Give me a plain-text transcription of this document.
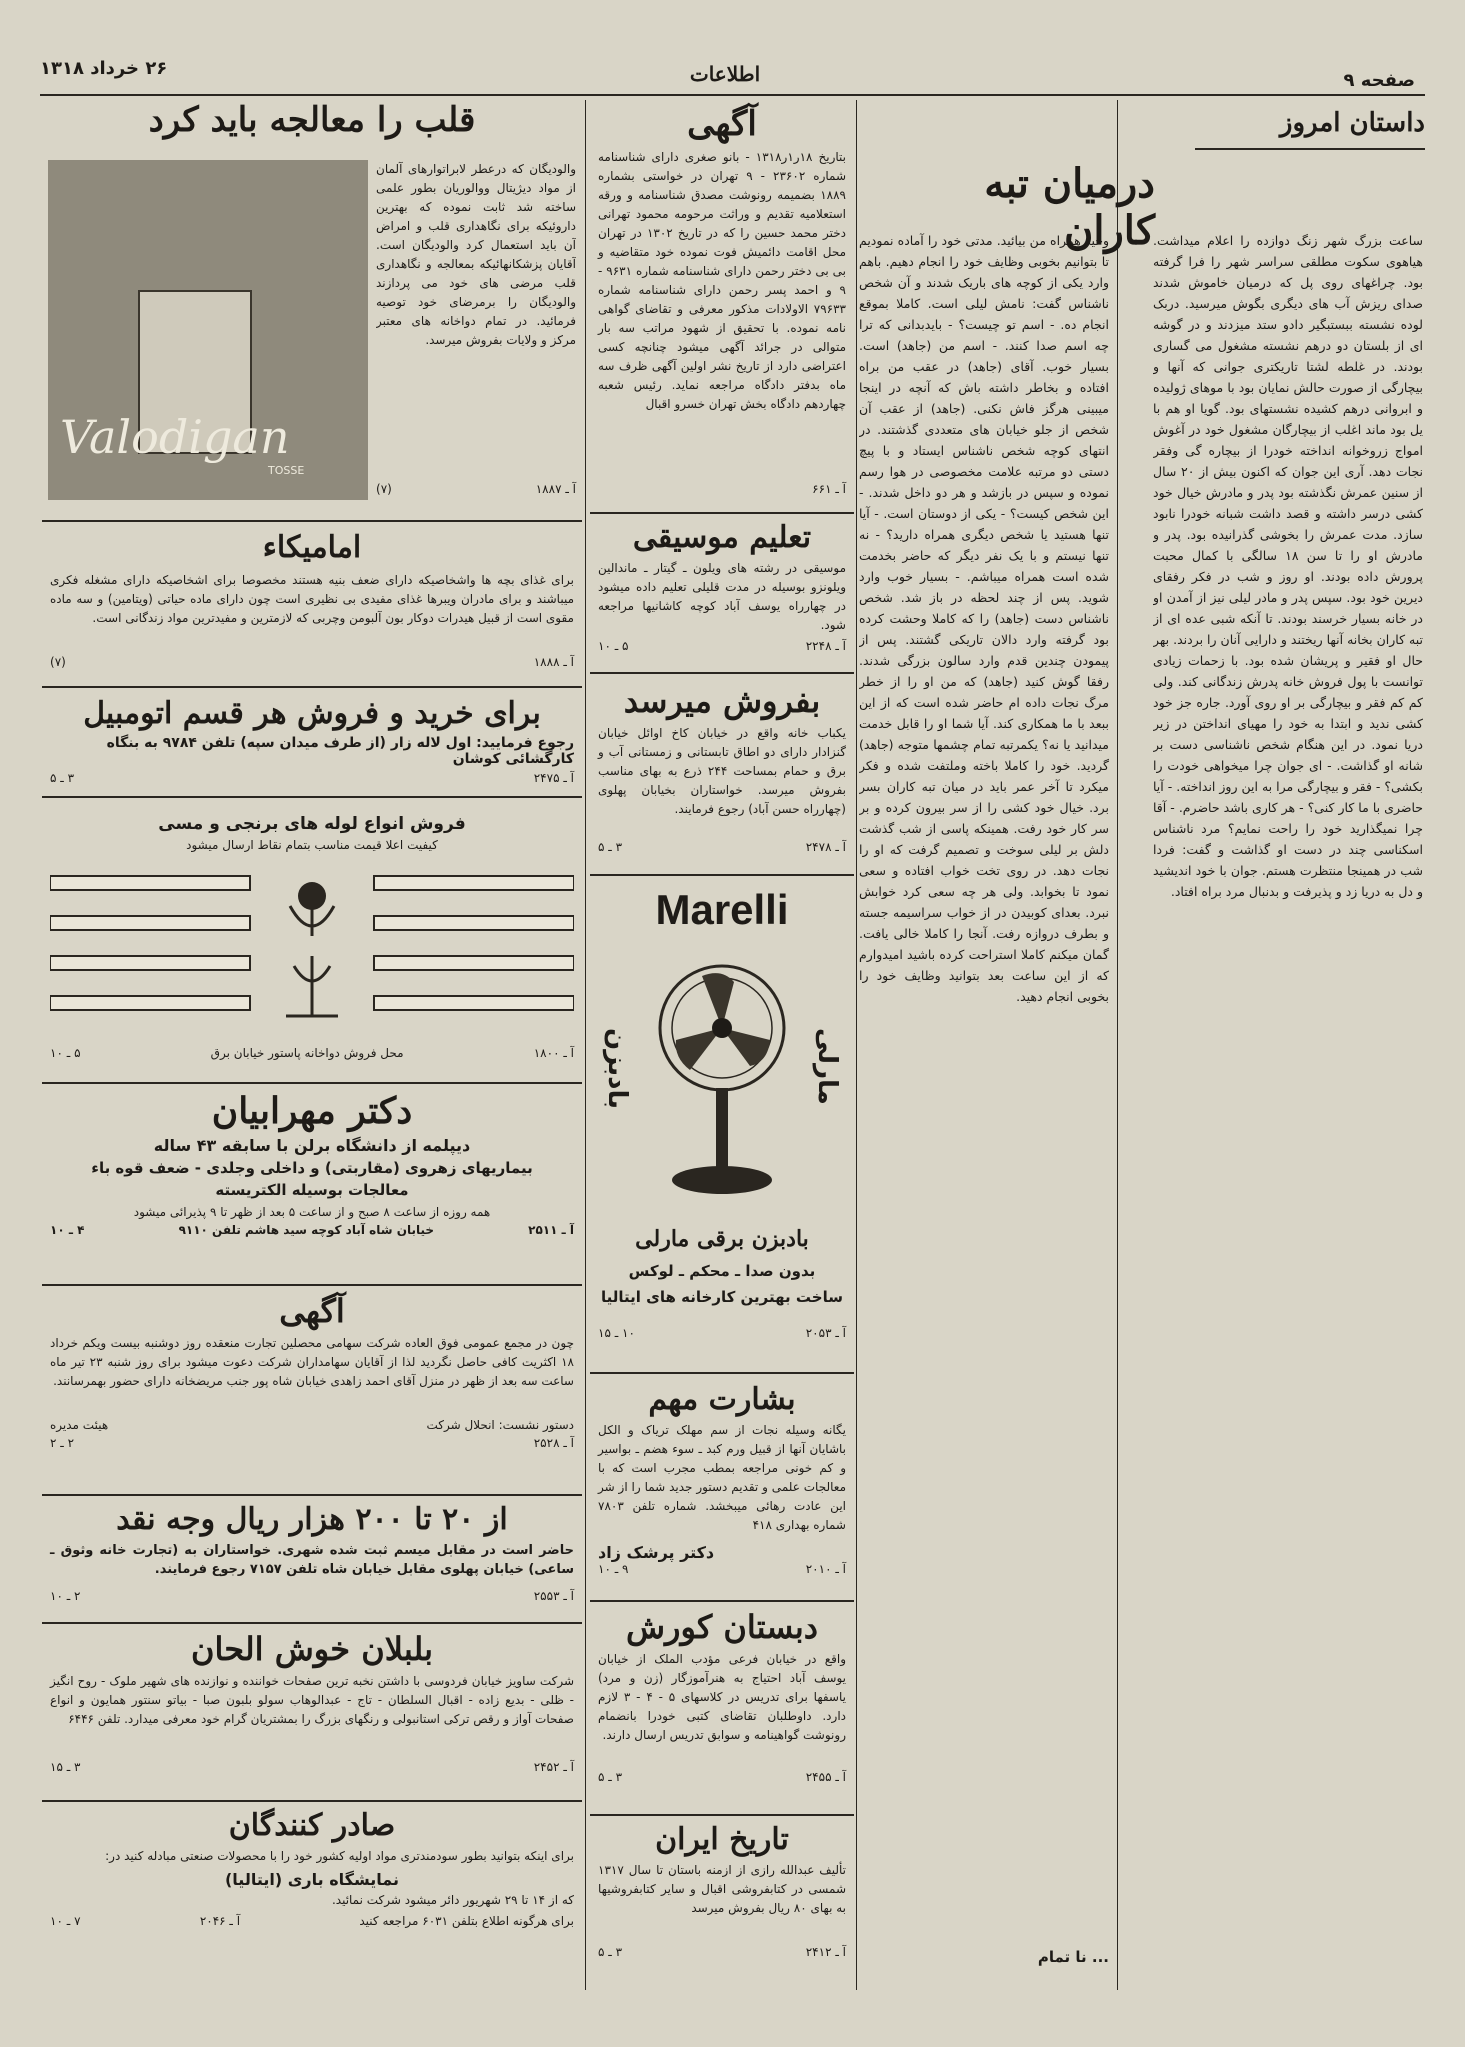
صفحه ۹
اطلاعات
۲۶ خرداد ۱۳۱۸
داستان امروز
درمیان تبه کاران
ساعت بزرگ شهر زنگ دوازده را اعلام میداشت. هیاهوی سکوت مطلقی سراسر شهر را فرا گرفته بود. چراغهای روی پل که درمیان خاموش شدند صدای ریزش آب های دیگری بگوش میرسید. دربک لوده نشسته ببستبگیر دادو ستد میزدند و در گوشه ای از بلستان دو درهم نشسته مشغول می گساری بودند. در غلطه لشتا تاریکتری جوانی که آنها و بیچارگی از صورت حالش نمایان بود با موهای ژولیده و ابروانی درهم کشیده نشستهای بود. گویا او هم با یل بود ماند اغلب از بیچارگان مشغول خود در آغوش امواج زروخوانه انداخته خودرا از بیچاره گی وفقر نجات دهد. آری این جوان که اکنون بیش از ۲۰ سال از سنین عمرش نگذشته بود پدر و مادرش خیال خود کشی درسر داشته و قصد داشت شبانه خودرا نابود سازد. مدت عمرش را بخوشی گذرانیده بود. پدر و مادرش او را تا سن ۱۸ سالگی با کمال محبت پرورش داده بودند. او روز و شب در فکر رفقای دیرین خود بود. سپس پدر و مادر لیلی نیز از آمدن او در خانه بسیار خرسند بودند. تا آنکه شبی عده ای از تبه کاران بخانه آنها ریختند و دارایی آنان را بردند. بهر حال او فقیر و پریشان شده بود. با زحمات زیادی توانست با پول فروش خانه پدرش زندگانی کند. ولی کم کم فقر و بیچارگی بر او روی آورد. جاره جز خود کشی ندید و ابتدا به خود را مهیای انداختن در زیر دریا نمود. در این هنگام شخص ناشناسی دست بر شانه او گذاشت. - ای جوان چرا میخواهی خودت را بکشی؟ - فقر و بیچارگی مرا به این روز انداخته. - آیا حاضری با ما کار کنی؟ - هر کاری باشد حاضرم. - آقا چرا نمیگذارید خود را راحت نمایم؟ مرد ناشناس اسکناسی چند در دست او گذاشت و گفت: فردا شب در همینجا منتظرت هستم. جوان با خود اندیشید و دل به دریا زد و پذیرفت و بدنبال مرد براه افتاد.
وحید همراه من بیائید. مدتی خود را آماده نمودیم تا بتوانیم بخوبی وظایف خود را انجام دهیم. باهم وارد یکی از کوچه های باریک شدند و آن شخص ناشناس گفت: نامش لیلی است. کاملا بموقع انجام ده. - اسم تو چیست؟ - بایدبدانی که ترا چه اسم صدا کنند. - اسم من (جاهد) است. بسیار خوب. آقای (جاهد) در عقب من براه افتاده و بخاطر داشته باش که آنچه در اینجا میبینی هرگز فاش نکنی. (جاهد) از عقب آن شخص از جلو خیابان های متعددی گذشتند. در انتهای کوچه شخص ناشناس ایستاد و با پیچ دستی دو مرتبه علامت مخصوصی در هوا رسم نموده و سپس در بازشد و هر دو داخل شدند. - این شخص کیست؟ - یکی از دوستان است. - آیا تنها هستید یا شخص دیگری همراه دارید؟ - نه تنها نیستم و با یک نفر دیگر که حاضر بخدمت شده است همراه میباشم. - بسیار خوب وارد شوید. پس از چند لحظه در باز شد. شخص ناشناس دست (جاهد) را که کاملا وحشت کرده بود گرفته وارد دالان تاریکی گشتند. پس از پیمودن چندین قدم وارد سالون بزرگی شدند. رفقا گوش کنید (جاهد) که من او را از خطر مرگ نجات داده ام حاضر شده است که از این ببعد با ما همکاری کند. آیا شما او را قابل خدمت میدانید یا نه؟ یکمرتبه تمام چشمها متوجه (جاهد) گردید. خود را کاملا باخته وملتفت شده و فکر میکرد تا آخر عمر باید در میان تبه کاران بسر برد. خیال خود کشی را از سر بیرون کرده و بر سر کار خود رفت. همینکه پاسی از شب گذشت دلش بر لیلی سوخت و تصمیم گرفت که او را نجات دهد. در روی تخت خواب افتاده و سعی نمود تا بخوابد. ولی هر چه سعی کرد خوابش نبرد. بعدای کوبیدن در از خواب سراسیمه جسته و بطرف دروازه رفت. آنجا را کاملا خالی یافت. گمان میکنم کاملا استراحت کرده باشید امیدوارم که از این ساعت بعد بتوانید وظایف خود را بخوبی انجام دهید.
... نا تمام
آگهی
بتاریخ ۱۸ر۱ر۱۳۱۸ - بانو صغری دارای شناسنامه شماره ۲۳۶۰۲ - ۹ تهران در خواستی بشماره ۱۸۸۹ بضمیمه رونوشت مصدق شناسنامه و ورقه استعلامیه تقدیم و وراثت مرحومه محمود تهرانی دختر محمد حسین را که در تاریخ ۱۳۰۲ در تهران محل اقامت دائمیش فوت نموده خود متقاضیه و بی بی دختر رحمن دارای شناسنامه شماره ۹۶۳۱ - ۹ و احمد پسر رحمن دارای شناسنامه شماره ۷۹۶۳۳ الاولادات مذکور معرفی و تقاضای گواهی نامه نموده. با تحقیق از شهود مراتب سه بار متوالی در جرائد آگهی میشود چنانچه کسی اعتراضی دارد از تاریخ نشر اولین آگهی ظرف سه ماه بدفتر دادگاه مراجعه نماید. رئیس شعبه چهاردهم دادگاه بخش تهران خسرو اقبال
آ ـ ۶۶۱
تعلیم موسیقی
موسیقی در رشته های ویلون ـ گیتار ـ ماندالین ویلونزو بوسیله در مدت قلیلی تعلیم داده میشود در چهارراه یوسف آباد کوچه کاشانیها مراجعه شود.
آ ـ ۲۲۴۸
۵ ـ ۱۰
بفروش میرسد
یکباب خانه واقع در خیابان کاخ اوائل خیابان گنزادار دارای دو اطاق تابستانی و زمستانی آب و برق و حمام بمساحت ۲۴۴ ذرع به بهای مناسب بفروش میرسد. خواستاران بخیابان پهلوی (چهارراه حسن آباد) رجوع فرمایند.
آ ـ ۲۴۷۸
۳ ـ ۵
Marelli
مارلی
بادبزن
بادبزن برقی مارلی
بدون صدا ـ محکم ـ لوکس
ساخت بهترین کارخانه های ایتالیا
آ ـ ۲۰۵۳
۱۰ ـ ۱۵
بشارت مهم
یگانه وسیله نجات از سم مهلک تریاک و الکل باشایان آنها از قبیل ورم کبد ـ سوء هضم ـ بواسیر و کم خونی مراجعه بمطب مجرب است که با معالجات علمی و تقدیم دستور جدید شما را از شر این عادت رهائی میبخشد. شماره تلفن ۷۸۰۳ شماره بهداری ۴۱۸
دکتر پرشک زاد
آ ـ ۲۰۱۰
۹ ـ ۱۰
دبستان کورش
واقع در خیابان فرعی مؤدب الملک از خیابان یوسف آباد احتیاج به هنرآموزگار (زن و مرد) یاسفها برای تدریس در کلاسهای ۵ - ۴ - ۳ لازم دارد. داوطلبان تقاضای کتبی خودرا بانضمام رونوشت گواهینامه و سوابق تدریس ارسال دارند.
آ ـ ۲۴۵۵
۳ ـ ۵
تاریخ ایران
تألیف عبدالله رازی از ازمنه باستان تا سال ۱۳۱۷ شمسی در کتابفروشی اقبال و سایر کتابفروشیها به بهای ۸۰ ریال بفروش میرسد
آ ـ ۲۴۱۲
۳ ـ ۵
قلب را معالجه باید کرد
Valodigan
TOSSE
والودیگان که درعطر لابراتوارهای آلمان از مواد دیژیتال ووالوریان بطور علمی ساخته شد ثابت نموده که بهترین داروئیکه برای نگاهداری قلب و امراض آن باید استعمال کرد والودیگان است. آقایان پزشکانهائیکه بمعالجه و نگاهداری قلب مرضی های خود می پردازند والودیگان را برمرضای خود توصیه فرمائید. در تمام دواخانه های معتبر مرکز و ولایات بفروش میرسد.
آ ـ ۱۸۸۷
(۷)
امامیکاء
برای غذای بچه ها واشخاصیکه دارای ضعف بنیه هستند مخصوصا برای اشخاصیکه دارای مشغله فکری میباشند و برای مادران ویبرها غذای مفیدی بی نظیری است چون دارای ماده حیاتی (ویتامین) و سه ماده مقوی است از قبیل هیدرات دوکار بون آلبومن وچربی که لازمترین و مفیدترین مواد زندگانی است.
آ ـ ۱۸۸۸
(۷)
برای خرید و فروش هر قسم اتومبیل
رجوع فرمایید: اول لاله زار (از طرف میدان سپه) تلفن ۹۷۸۴ به بنگاه کارگشائی کوشان
آ ـ ۲۴۷۵
۳ ـ ۵
فروش انواع لوله های برنجی و مسی
کیفیت اعلا قیمت مناسب بتمام نقاط ارسال میشود
آ ـ ۱۸۰۰
محل فروش دواخانه پاستور خیابان برق
۵ ـ ۱۰
دکتر مهرابیان
دیپلمه از دانشگاه برلن با سابقه ۴۳ ساله
بیماریهای زهروی (مقاربتی) و داخلی وجلدی - ضعف قوه باء
معالجات بوسیله الکتریسته
همه روزه از ساعت ۸ صبح و از ساعت ۵ بعد از ظهر تا ۹ پذیرائی میشود
آ ـ ۲۵۱۱
خیابان شاه آباد کوچه سید هاشم تلفن ۹۱۱۰
۴ ـ ۱۰
آگهی
چون در مجمع عمومی فوق العاده شرکت سهامی محصلین تجارت منعقده روز دوشنبه بیست ویکم خرداد ۱۸ اکثریت کافی حاصل نگردید لذا از آقایان سهامداران شرکت دعوت میشود برای روز شنبه ۲۳ تیر ماه ساعت سه بعد از ظهر در منزل آقای احمد زاهدی خیابان شاه پور جنب مریضخانه دارای حضور بهمرسانند.
دستور نشست: انحلال شرکت
هیئت مدیره
آ ـ ۲۵۲۸
۲ ـ ۲
از ۲۰ تا ۲۰۰ هزار ریال وجه نقد
حاضر است در مقابل میسم ثبت شده شهری. خواستاران به (تجارت خانه وثوق ـ ساعی) خیابان پهلوی مقابل خیابان شاه تلفن ۷۱۵۷ رجوع فرمایند.
آ ـ ۲۵۵۳
۲ ـ ۱۰
بلبلان خوش الحان
شرکت ساویز خیابان فردوسی با داشتن نخبه ترین صفحات خواننده و نوازنده های شهیر ملوک - روح انگیز - ظلی - بدیع زاده - اقبال السلطان - تاج - عبدالوهاب سولو بلبون صبا - بیاتو سنتور همایون و انواع صفحات آواز و رقص ترکی استانبولی و رنگهای بزرگ را بمشتریان گرام خود معرفی میدارد. تلفن ۶۴۴۶
آ ـ ۲۴۵۲
۳ ـ ۱۵
صادر کنندگان
برای اینکه بتوانید بطور سودمندتری مواد اولیه کشور خود را با محصولات صنعتی مبادله کنید در:
نمایشگاه باری (ایتالیا)
که از ۱۴ تا ۲۹ شهریور دائر میشود شرکت نمائید.
برای هرگونه اطلاع بتلفن ۶۰۳۱ مراجعه کنید
آ ـ ۲۰۴۶
۷ ـ ۱۰
